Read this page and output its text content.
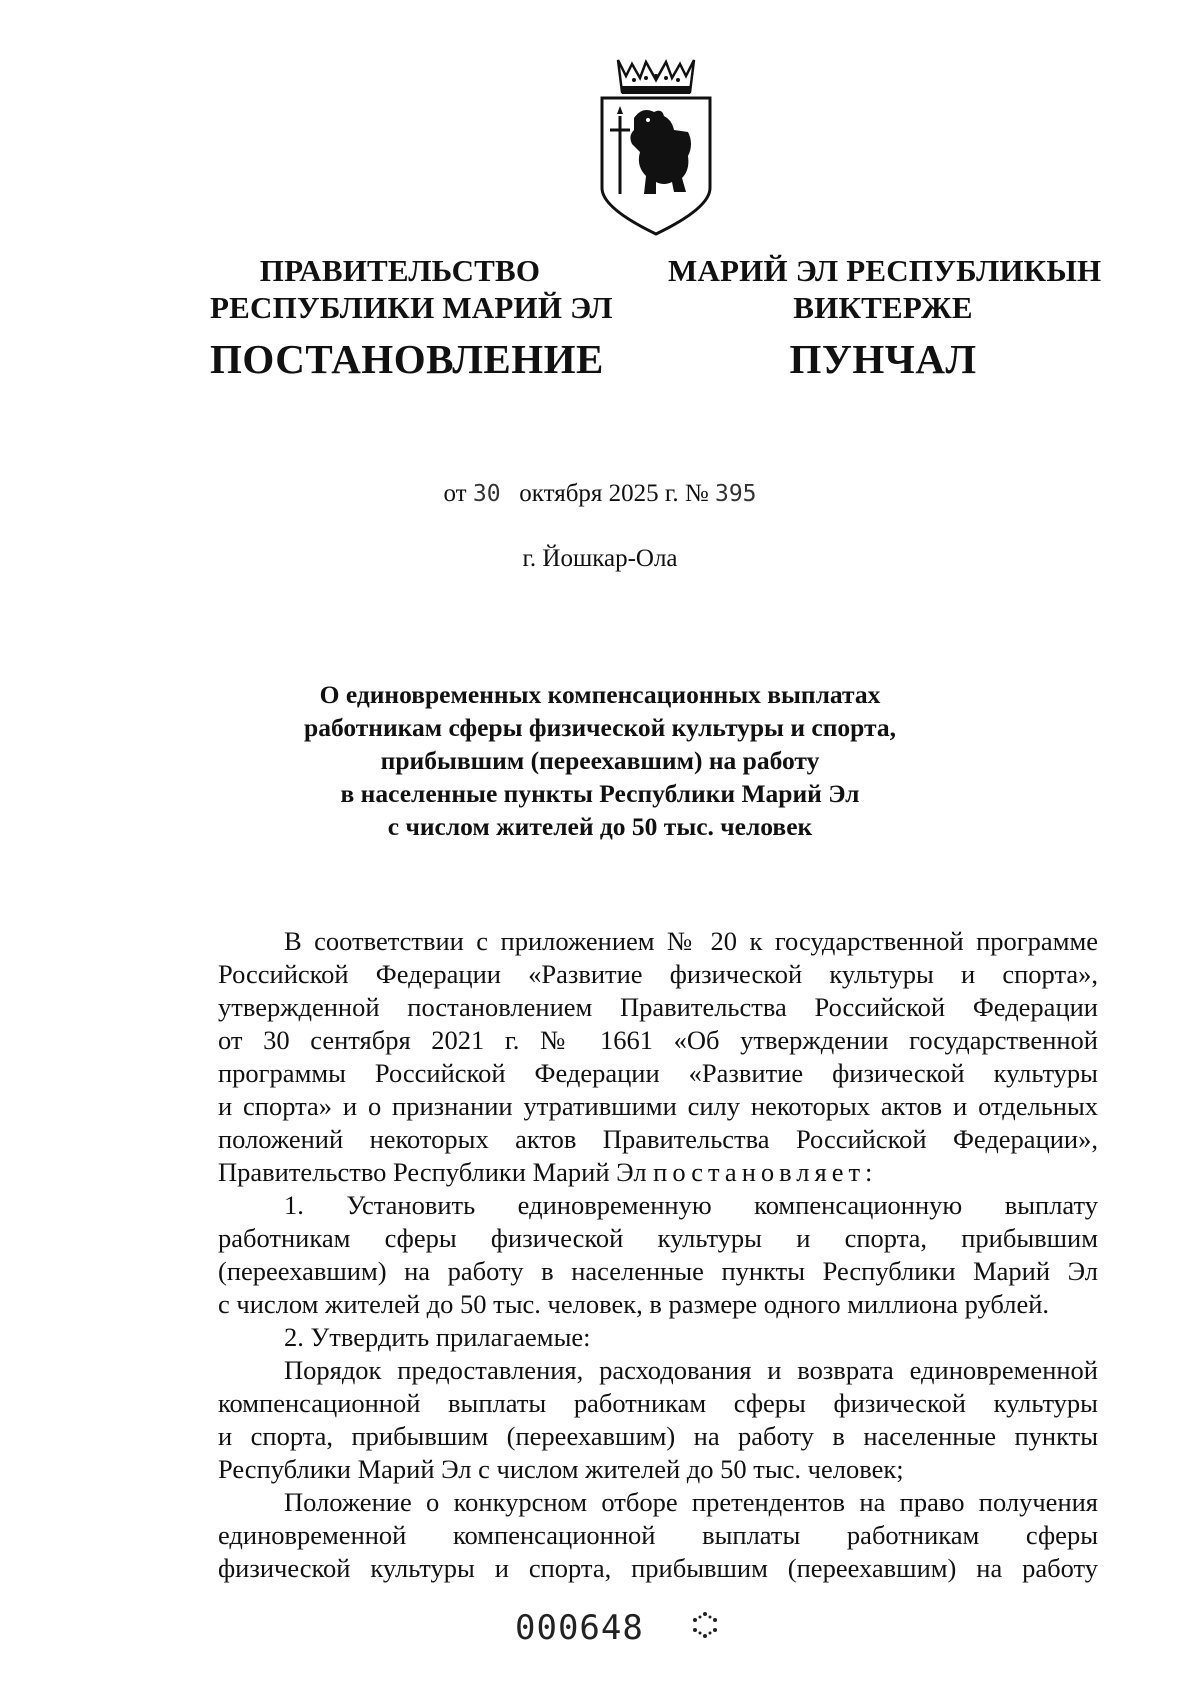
ПРАВИТЕЛЬСТВО
РЕСПУБЛИКИ МАРИЙ ЭЛ
ПОСТАНОВЛЕНИЕ
МАРИЙ ЭЛ РЕСПУБЛИКЫН
ВИКТЕРЖЕ
ПУНЧАЛ
от 30 октября 2025 г. № 395
г. Йошкар-Ола
О единовременных компенсационных выплатах
работникам сферы физической культуры и спорта,
прибывшим (переехавшим) на работу
в населенные пункты Республики Марий Эл
с числом жителей до 50 тыс. человек
В соответствии с приложением № 20 к государственной программе
Российской Федерации «Развитие физической культуры и спорта»,
утвержденной постановлением Правительства Российской Федерации
от 30 сентября 2021 г. № 1661 «Об утверждении государственной
программы Российской Федерации «Развитие физической культуры
и спорта» и о признании утратившими силу некоторых актов и отдельных
положений некоторых актов Правительства Российской Федерации»,
Правительство Республики Марий Эл постановляет:
1. Установить единовременную компенсационную выплату
работникам сферы физической культуры и спорта, прибывшим
(переехавшим) на работу в населенные пункты Республики Марий Эл
с числом жителей до 50 тыс. человек, в размере одного миллиона рублей.
2. Утвердить прилагаемые:
Порядок предоставления, расходования и возврата единовременной
компенсационной выплаты работникам сферы физической культуры
и спорта, прибывшим (переехавшим) на работу в населенные пункты
Республики Марий Эл с числом жителей до 50 тыс. человек;
Положение о конкурсном отборе претендентов на право получения
единовременной компенсационной выплаты работникам сферы
физической культуры и спорта, прибывшим (переехавшим) на работу
000648
